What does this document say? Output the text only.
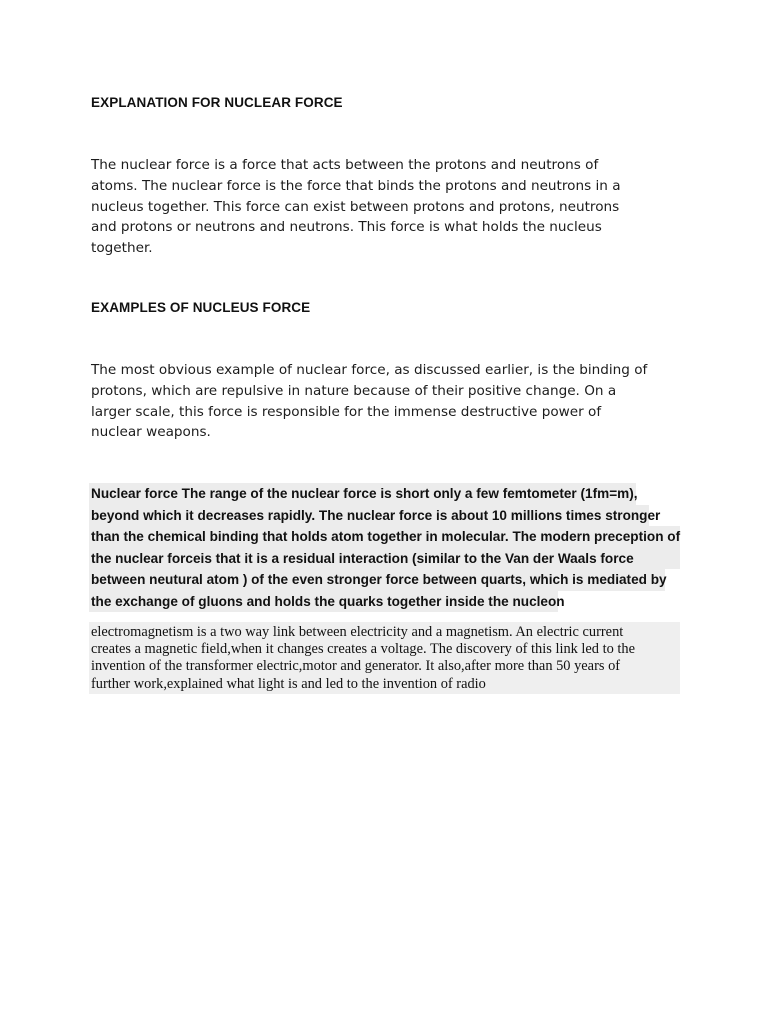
EXPLANATION FOR NUCLEAR FORCE

The nuclear force is a force that acts between the protons and neutrons of
atoms. The nuclear force is the force that binds the protons and neutrons in a
nucleus together. This force can exist between protons and protons, neutrons
and protons or neutrons and neutrons. This force is what holds the nucleus
together.

EXAMPLES OF NUCLEUS FORCE

The most obvious example of nuclear force, as discussed earlier, is the binding of
protons, which are repulsive in nature because of their positive change. On a
larger scale, this force is responsible for the immense destructive power of
nuclear weapons.

Nuclear force The range of the nuclear force is short only a few femtometer (1fm=m),
beyond which it decreases rapidly. The nuclear force is about 10 millions times stronger
than the chemical binding that holds atom together in molecular. The modern preception of
the nuclear forceis that it is a residual interaction (similar to the Van der Waals force
between neutural atom ) of the even stronger force between quarts, which is mediated by
the exchange of gluons and holds the quarks together inside the nucleon

electromagnetism is a two way link between electricity and a magnetism. An electric current
creates a magnetic field,when it changes creates a voltage. The discovery of this link led to the
invention of the transformer electric,motor and generator. It also,after more than 50 years of
further work,explained what light is and led to the invention of radio
